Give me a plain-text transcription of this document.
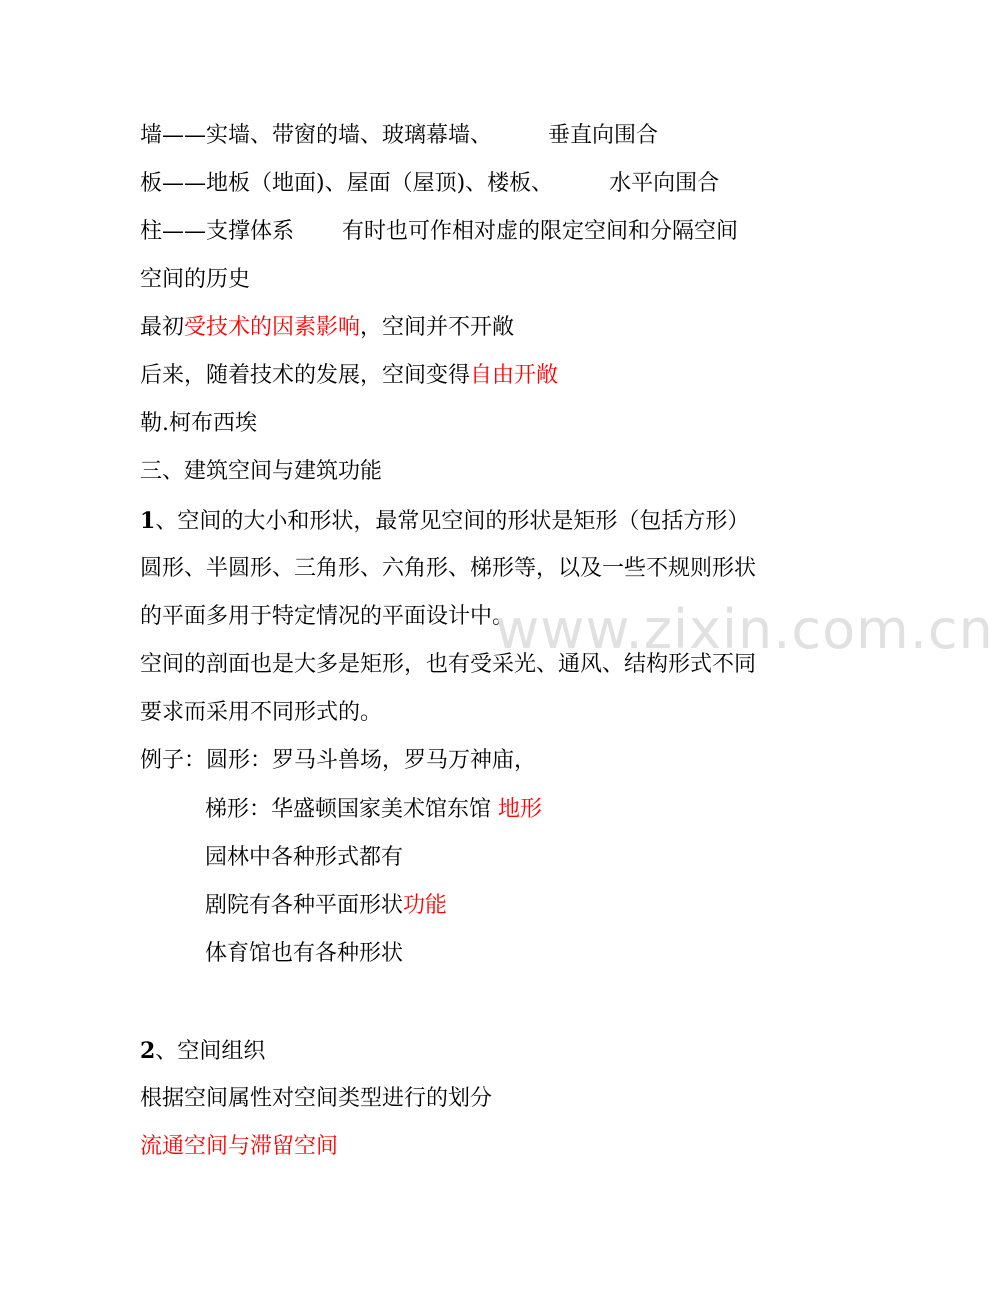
墙——实墙、带窗的墙、玻璃幕墙、	垂直向围合
板——地板（地面)、屋面（屋顶)、楼板、	水平向围合
柱——支撑体系 有时也可作相对虚的限定空间和分隔空间
空间的历史
最初受技术的因素影响，空间并不开敞
后来，随着技术的发展，空间变得自由开敞
勒.柯布西埃
三、建筑空间与建筑功能
1、空间的大小和形状，最常见空间的形状是矩形（包括方形）
圆形、半圆形、三角形、六角形、梯形等，以及一些不规则形状
的平面多用于特定情况的平面设计中。
空间的剖面也是大多是矩形，也有受采光、通风、结构形式不同
要求而采用不同形式的。
例子：圆形：罗马斗兽场，罗马万神庙，
梯形：华盛顿国家美术馆东馆 地形
园林中各种形式都有
剧院有各种平面形状功能
体育馆也有各种形状
2、空间组织
根据空间属性对空间类型进行的划分
流通空间与滞留空间
www.zixin.com.cn
